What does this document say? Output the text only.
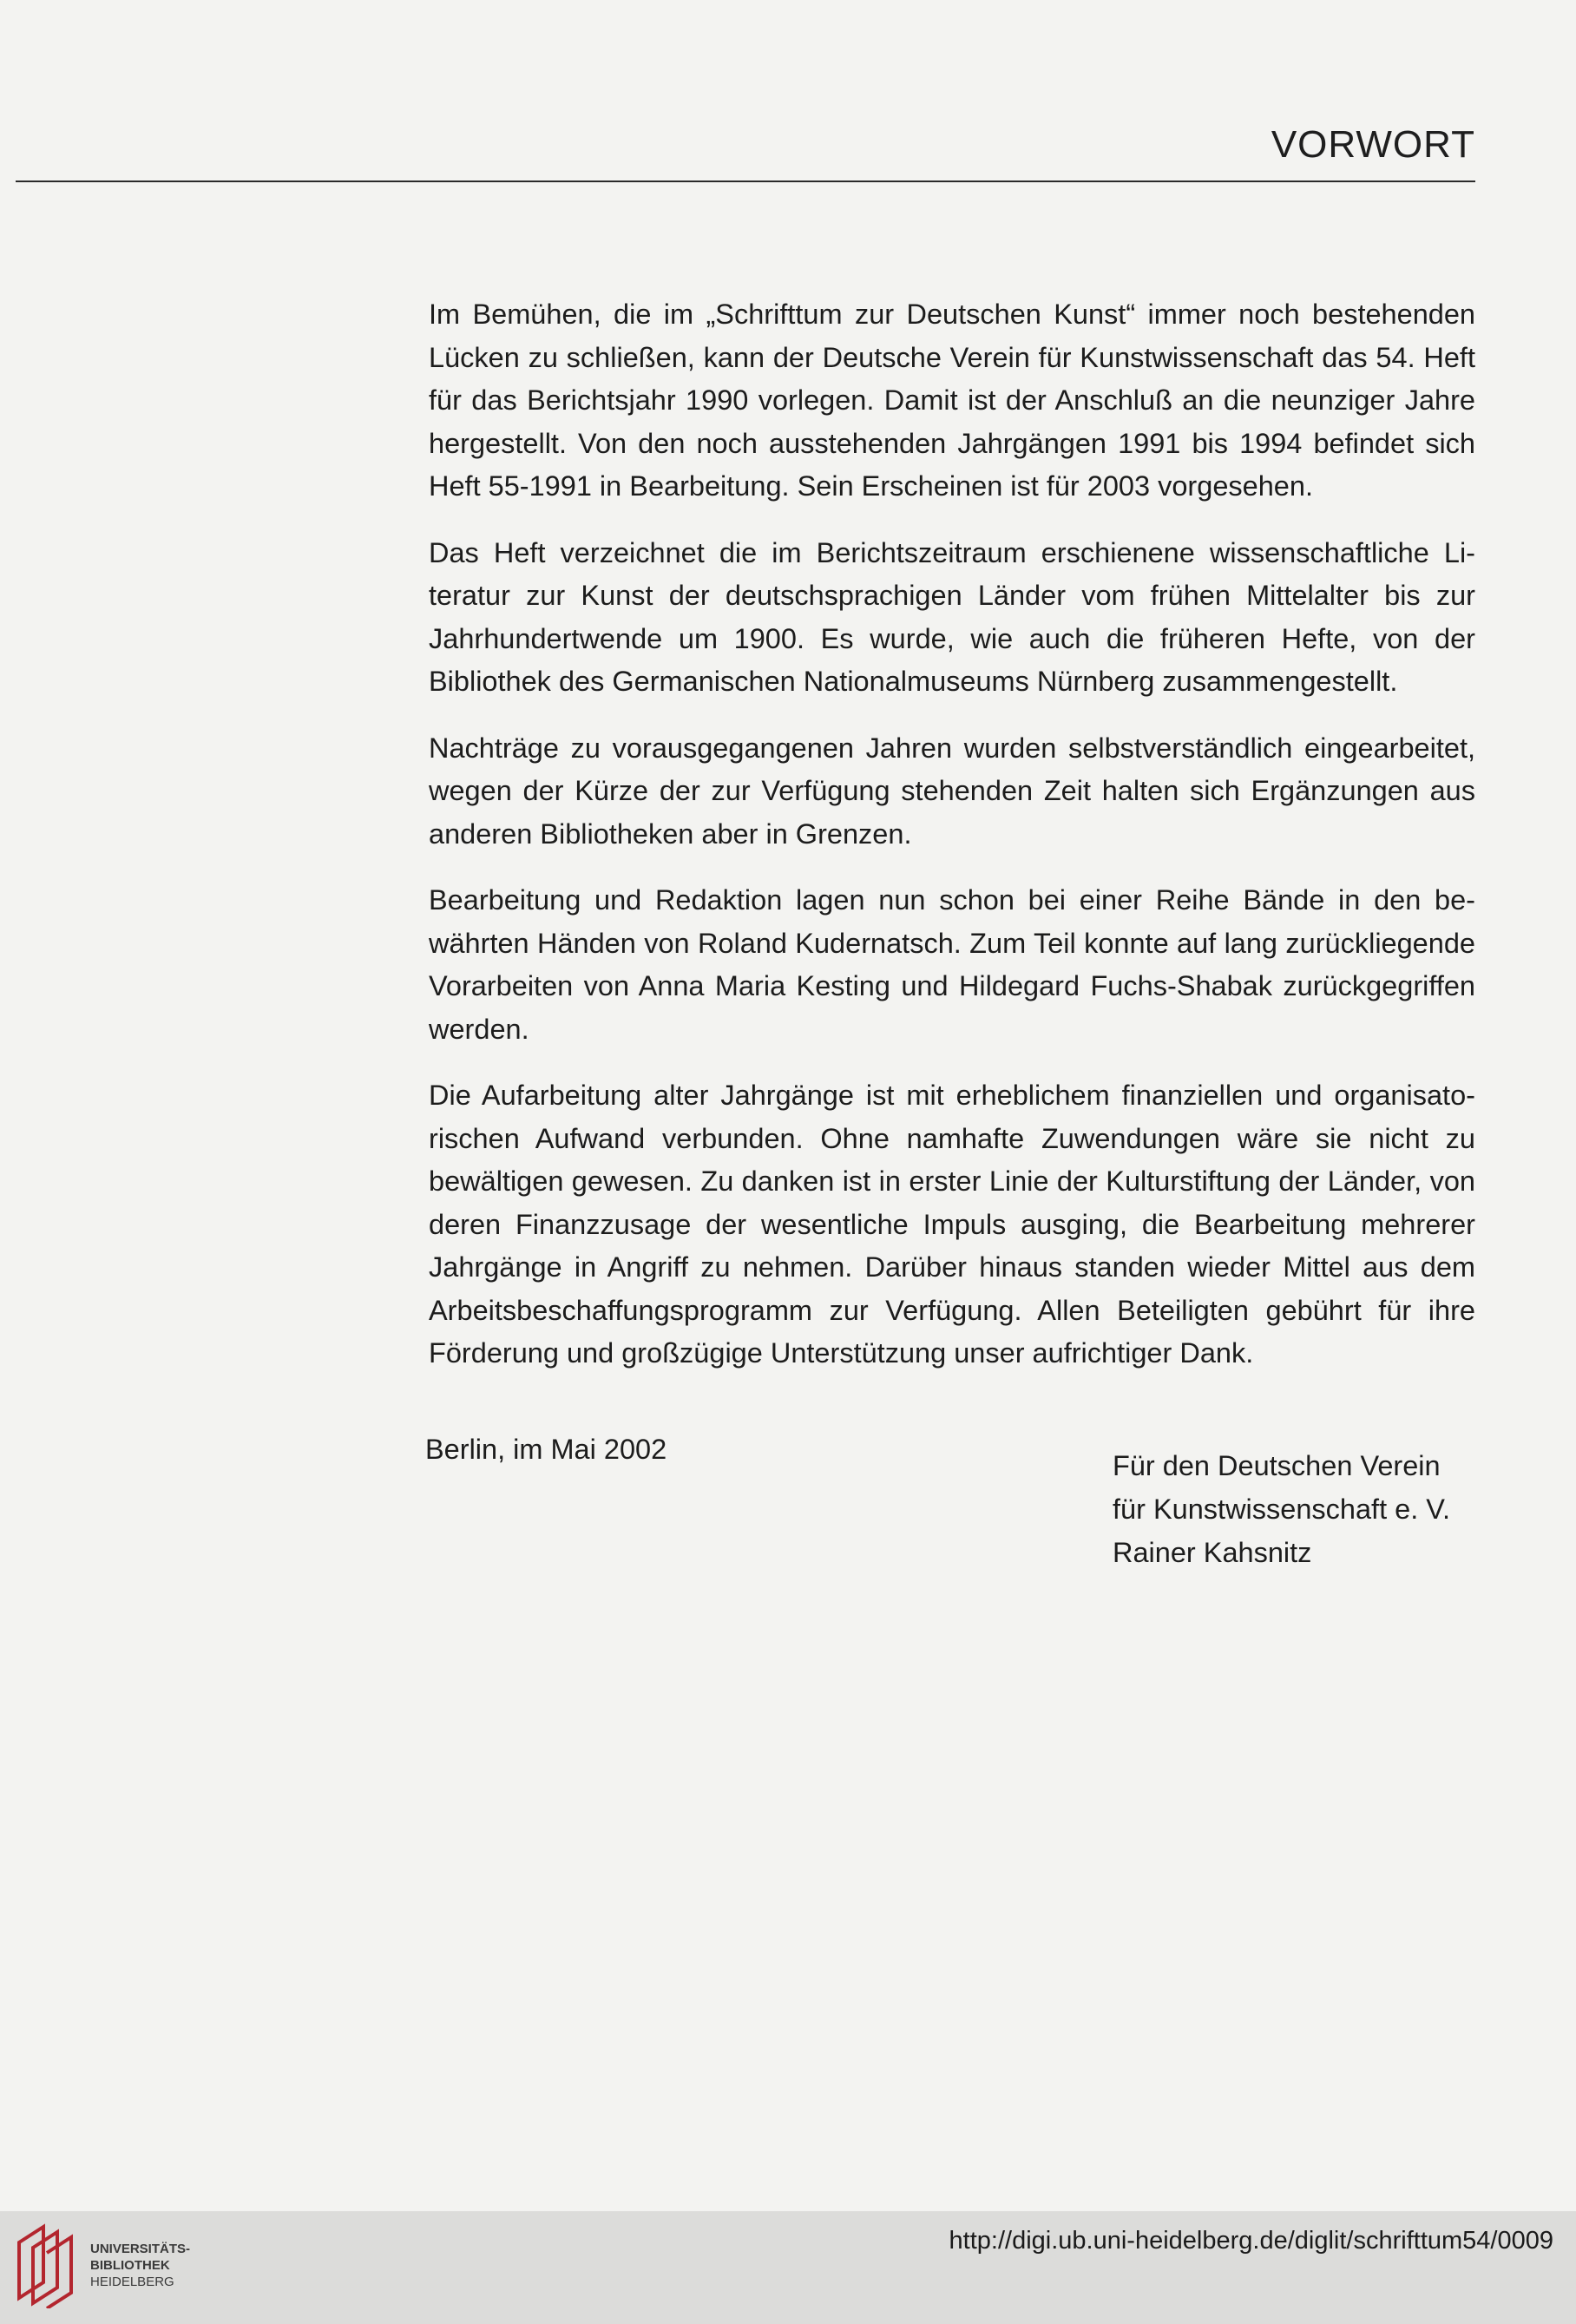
VORWORT

Im Bemühen, die im „Schrifttum zur Deutschen Kunst“ immer noch bestehenden Lücken zu schließen, kann der Deutsche Verein für Kunstwissenschaft das 54. Heft für das Berichtsjahr 1990 vorlegen. Damit ist der Anschluß an die neunziger Jahre hergestellt. Von den noch ausstehenden Jahrgängen 1991 bis 1994 befindet sich Heft 55-1991 in Bearbeitung. Sein Erscheinen ist für 2003 vorgesehen.

Das Heft verzeichnet die im Berichtszeitraum erschienene wissenschaftliche Literatur zur Kunst der deutschsprachigen Länder vom frühen Mittelalter bis zur Jahrhundertwende um 1900. Es wurde, wie auch die früheren Hefte, von der Bibliothek des Germanischen Nationalmuseums Nürnberg zusammengestellt.

Nachträge zu vorausgegangenen Jahren wurden selbstverständlich eingearbeitet, wegen der Kürze der zur Verfügung stehenden Zeit halten sich Ergänzungen aus anderen Bibliotheken aber in Grenzen.

Bearbeitung und Redaktion lagen nun schon bei einer Reihe Bände in den bewährten Händen von Roland Kudernatsch. Zum Teil konnte auf lang zurückliegende Vorarbeiten von Anna Maria Kesting und Hildegard Fuchs-Shabak zurückgegriffen werden.

Die Aufarbeitung alter Jahrgänge ist mit erheblichem finanziellen und organisatorischen Aufwand verbunden. Ohne namhafte Zuwendungen wäre sie nicht zu bewältigen gewesen. Zu danken ist in erster Linie der Kulturstiftung der Länder, von deren Finanzzusage der wesentliche Impuls ausging, die Bearbeitung mehrerer Jahrgänge in Angriff zu nehmen. Darüber hinaus standen wieder Mittel aus dem Arbeitsbeschaffungsprogramm zur Verfügung. Allen Beteiligten gebührt für ihre Förderung und großzügige Unterstützung unser aufrichtiger Dank.

Berlin, im Mai 2002
Für den Deutschen Verein
für Kunstwissenschaft e. V.
Rainer Kahsnitz
UNIVERSITÄTS-
BIBLIOTHEK
HEIDELBERG
http://digi.ub.uni-heidelberg.de/diglit/schrifttum54/0009
